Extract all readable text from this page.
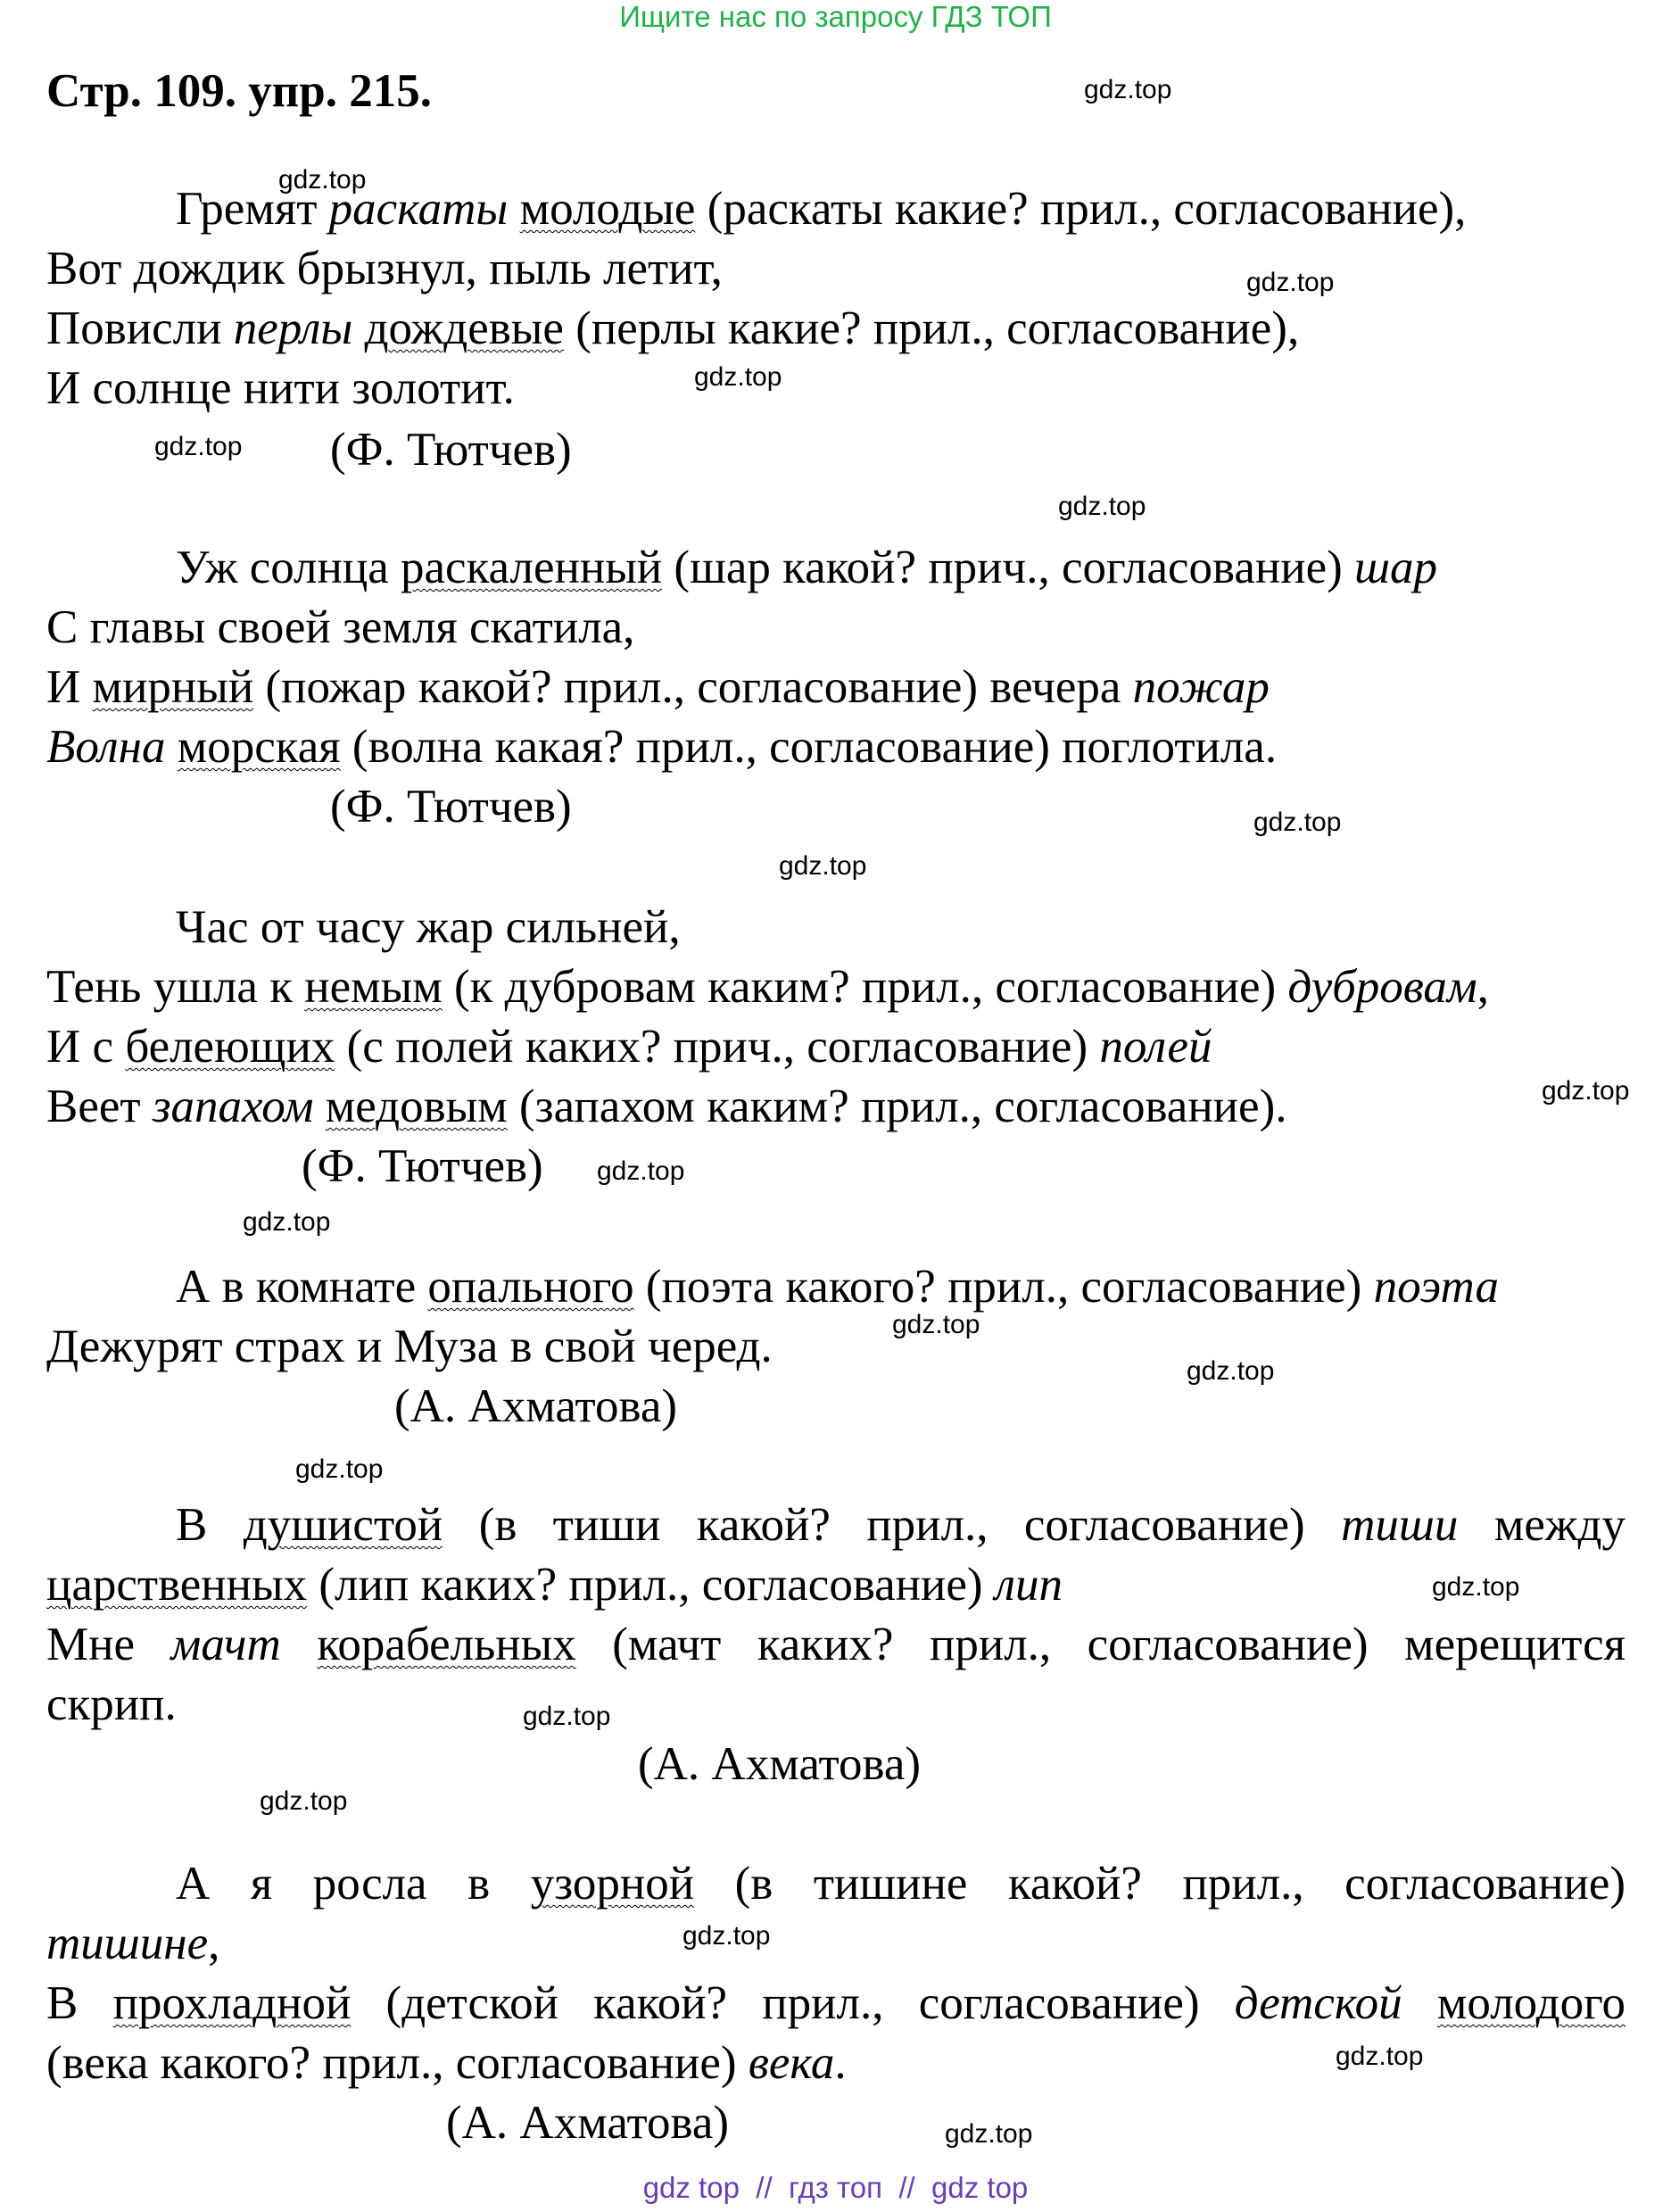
Ищите нас по запросу ГДЗ ТОП
Стр. 109. упр. 215.
Гремят раскаты молодые (раскаты какие? прил., согласование),
Вот дождик брызнул, пыль летит,
Повисли перлы дождевые (перлы какие? прил., согласование),
И солнце нити золотит.
(Ф. Тютчев)
Уж солнца раскаленный (шар какой? прич., согласование) шар
С главы своей земля скатила,
И мирный (пожар какой? прил., согласование) вечера пожар
Волна морская (волна какая? прил., согласование) поглотила.
(Ф. Тютчев)
Час от часу жар сильней,
Тень ушла к немым (к дубровам каким? прил., согласование) дубровам,
И с белеющих (с полей каких? прич., согласование) полей
Веет запахом медовым (запахом каким? прил., согласование).
(Ф. Тютчев)
А в комнате опального (поэта какого? прил., согласование) поэта
Дежурят страх и Муза в свой черед.
(А. Ахматова)
В душистой (в тиши какой? прил., согласование) тиши между
царственных (лип каких? прил., согласование) лип
Мне мачт корабельных (мачт каких? прил., согласование) мерещится
скрип.
(А. Ахматова)
А я росла в узорной (в тишине какой? прил., согласование)
тишине,
В прохладной (детской какой? прил., согласование) детской молодого
(века какого? прил., согласование) века.
(А. Ахматова)
gdz.top
gdz.top
gdz.top
gdz.top
gdz.top
gdz.top
gdz.top
gdz.top
gdz.top
gdz.top
gdz.top
gdz.top
gdz.top
gdz.top
gdz.top
gdz.top
gdz.top
gdz.top
gdz.top
gdz.top
gdz top  //  гдз топ  //  gdz top
